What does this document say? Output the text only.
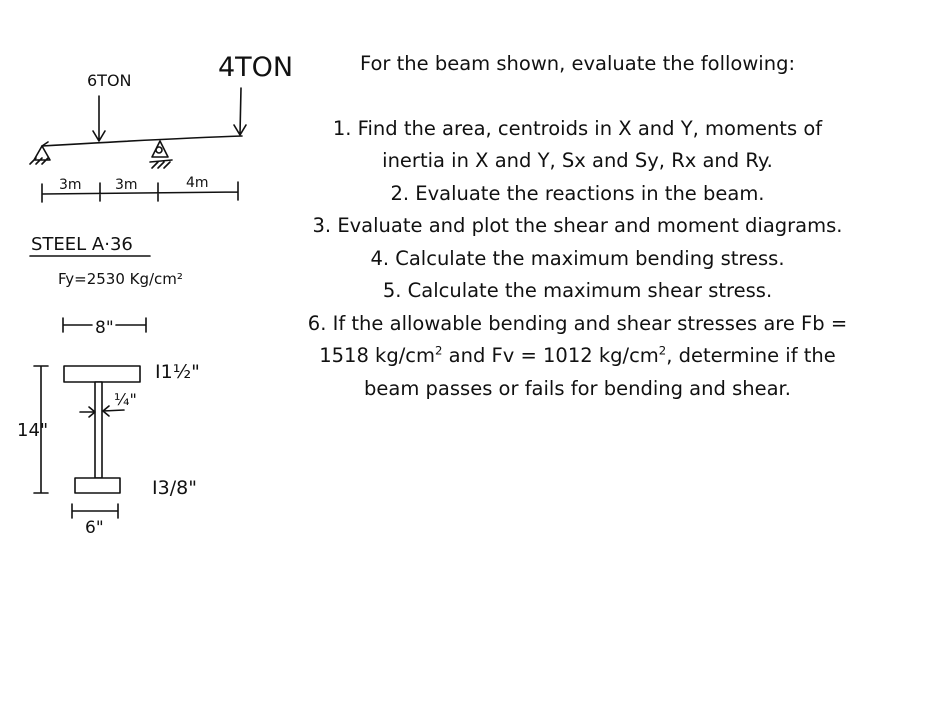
6TON	4TON
3m 3m	4m
STEEL A·36
Fy=2530 Kg/cm²
8"
I1½"
¼"
14"
I3/8"
6"

For the beam shown, evaluate the following:

1. Find the area, centroids in X and Y, moments of inertia in X and Y, Sx and Sy, Rx and Ry.

2. Evaluate the reactions in the beam.

3. Evaluate and plot the shear and moment diagrams.

4. Calculate the maximum bending stress.

5. Calculate the maximum shear stress.

6. If the allowable bending and shear stresses are Fb = 1518 $kg/cm^2$ and Fv = 1012 $kg/cm^2$, determine if the beam passes or fails for bending and shear.
